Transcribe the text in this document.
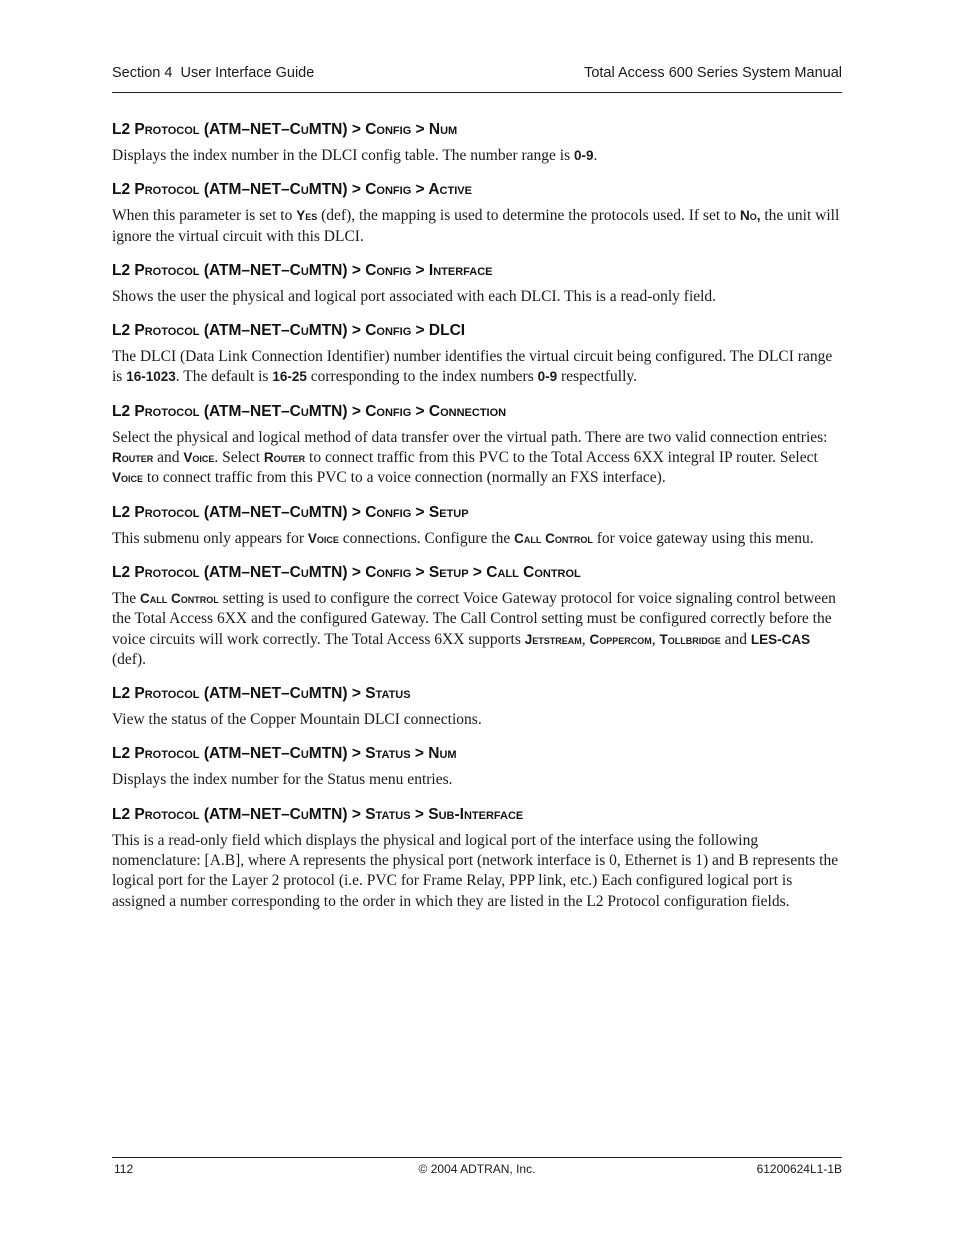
Section 4  User Interface Guide	Total Access 600 Series System Manual
L2 Protocol (ATM–NET–CuMTN) > Config > Num

Displays the index number in the DLCI config table. The number range is 0-9.

L2 Protocol (ATM–NET–CuMTN) > Config > Active

When this parameter is set to Yes (def), the mapping is used to determine the protocols used. If set to No, the unit will ignore the virtual circuit with this DLCI.

L2 Protocol (ATM–NET–CuMTN) > Config > Interface

Shows the user the physical and logical port associated with each DLCI. This is a read-only field.

L2 Protocol (ATM–NET–CuMTN) > Config > DLCI

The DLCI (Data Link Connection Identifier) number identifies the virtual circuit being configured. The DLCI range is 16-1023. The default is 16-25 corresponding to the index numbers 0-9 respectfully.

L2 Protocol (ATM–NET–CuMTN) > Config > Connection

Select the physical and logical method of data transfer over the virtual path. There are two valid connection entries: Router and Voice. Select Router to connect traffic from this PVC to the Total Access 6XX integral IP router. Select Voice to connect traffic from this PVC to a voice connection (normally an FXS interface).

L2 Protocol (ATM–NET–CuMTN) > Config > Setup

This submenu only appears for Voice connections. Configure the Call Control for voice gateway using this menu.

L2 Protocol (ATM–NET–CuMTN) > Config > Setup > Call Control

The Call Control setting is used to configure the correct Voice Gateway protocol for voice signaling control between the Total Access 6XX and the configured Gateway. The Call Control setting must be configured correctly before the voice circuits will work correctly. The Total Access 6XX supports Jetstream, Coppercom, Tollbridge and LES-CAS (def).

L2 Protocol (ATM–NET–CuMTN) > Status

View the status of the Copper Mountain DLCI connections.

L2 Protocol (ATM–NET–CuMTN) > Status > Num

Displays the index number for the Status menu entries.

L2 Protocol (ATM–NET–CuMTN) > Status > Sub-Interface

This is a read-only field which displays the physical and logical port of the interface using the following nomenclature: [A.B], where A represents the physical port (network interface is 0, Ethernet is 1) and B represents the logical port for the Layer 2 protocol (i.e. PVC for Frame Relay, PPP link, etc.) Each configured logical port is assigned a number corresponding to the order in which they are listed in the L2 Protocol configuration fields.

112	© 2004 ADTRAN, Inc.	61200624L1-1B
